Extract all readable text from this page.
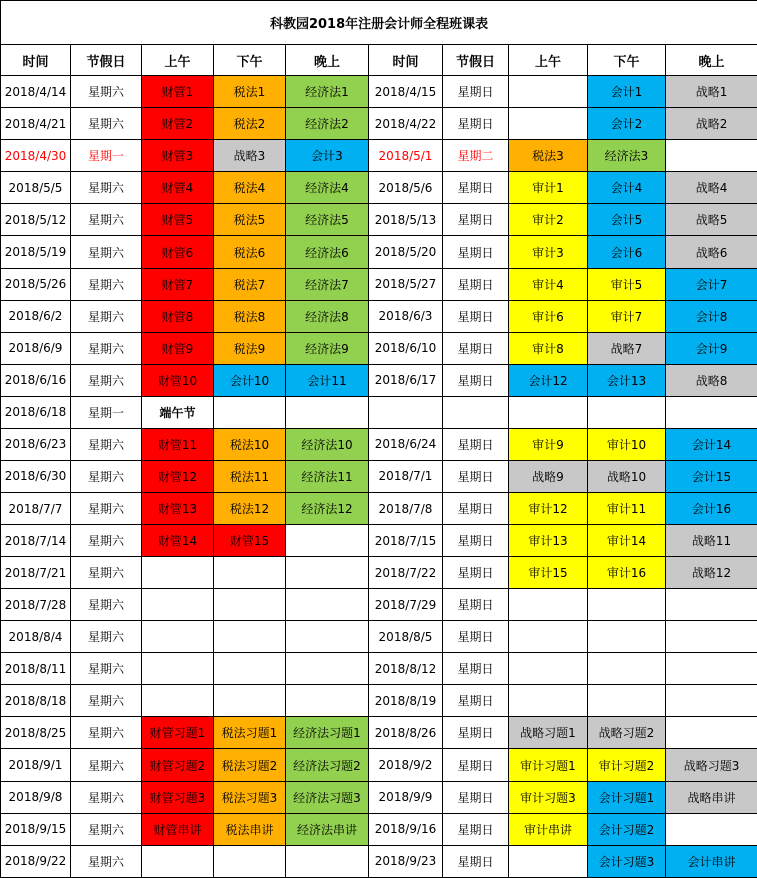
科教园2018年注册会计师全程班课表									
时间	节假日	上午	下午	晚上	时间	节假日	上午	下午	晚上
2018/4/14	星期六	财管1	税法1	经济法1	2018/4/15	星期日		会计1	战略1
2018/4/21	星期六	财管2	税法2	经济法2	2018/4/22	星期日		会计2	战略2
2018/4/30	星期一	财管3	战略3	会计3	2018/5/1	星期二	税法3	经济法3	
2018/5/5	星期六	财管4	税法4	经济法4	2018/5/6	星期日	审计1	会计4	战略4
2018/5/12	星期六	财管5	税法5	经济法5	2018/5/13	星期日	审计2	会计5	战略5
2018/5/19	星期六	财管6	税法6	经济法6	2018/5/20	星期日	审计3	会计6	战略6
2018/5/26	星期六	财管7	税法7	经济法7	2018/5/27	星期日	审计4	审计5	会计7
2018/6/2	星期六	财管8	税法8	经济法8	2018/6/3	星期日	审计6	审计7	会计8
2018/6/9	星期六	财管9	税法9	经济法9	2018/6/10	星期日	审计8	战略7	会计9
2018/6/16	星期六	财管10	会计10	会计11	2018/6/17	星期日	会计12	会计13	战略8
2018/6/18	星期一	端午节							
2018/6/23	星期六	财管11	税法10	经济法10	2018/6/24	星期日	审计9	审计10	会计14
2018/6/30	星期六	财管12	税法11	经济法11	2018/7/1	星期日	战略9	战略10	会计15
2018/7/7	星期六	财管13	税法12	经济法12	2018/7/8	星期日	审计12	审计11	会计16
2018/7/14	星期六	财管14	财管15		2018/7/15	星期日	审计13	审计14	战略11
2018/7/21	星期六				2018/7/22	星期日	审计15	审计16	战略12
2018/7/28	星期六				2018/7/29	星期日			
2018/8/4	星期六				2018/8/5	星期日			
2018/8/11	星期六				2018/8/12	星期日			
2018/8/18	星期六				2018/8/19	星期日			
2018/8/25	星期六	财管习题1	税法习题1	经济法习题1	2018/8/26	星期日	战略习题1	战略习题2	
2018/9/1	星期六	财管习题2	税法习题2	经济法习题2	2018/9/2	星期日	审计习题1	审计习题2	战略习题3
2018/9/8	星期六	财管习题3	税法习题3	经济法习题3	2018/9/9	星期日	审计习题3	会计习题1	战略串讲
2018/9/15	星期六	财管串讲	税法串讲	经济法串讲	2018/9/16	星期日	审计串讲	会计习题2	
2018/9/22	星期六				2018/9/23	星期日		会计习题3	会计串讲
